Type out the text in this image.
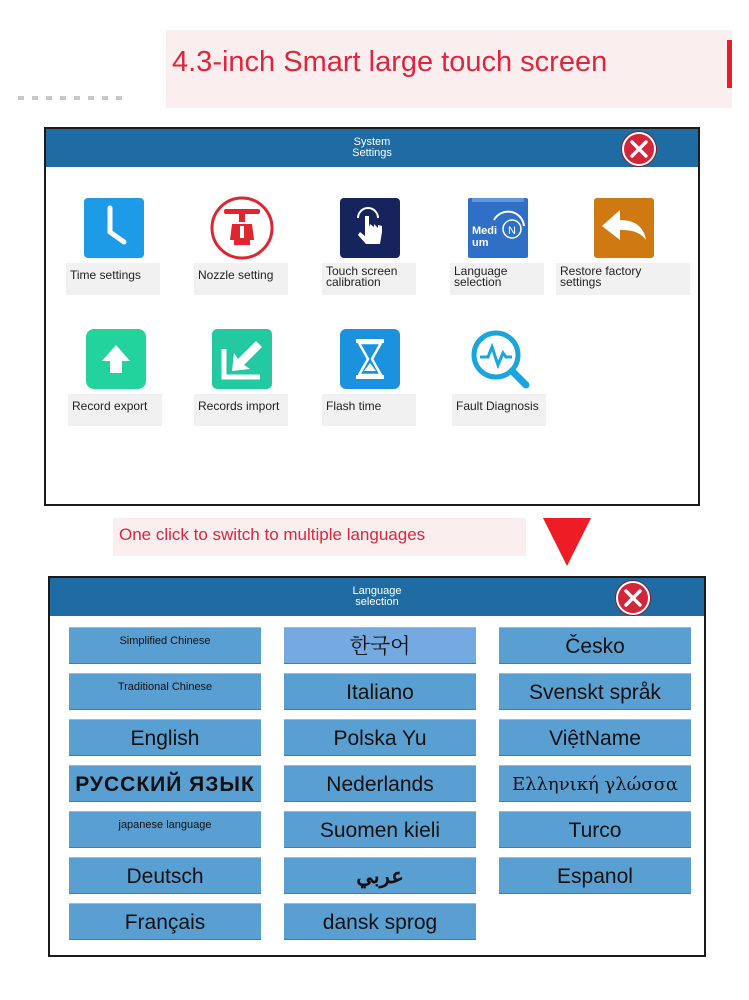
4.3-inch Smart large touch screen
System
Settings
Time settings	Nozzle setting	Touch screen calibration
N
Medi
um
Language selection
Restore factory settings
Record export	Records import	Flash time	Fault Diagnosis
One click to switch to multiple languages
Language
selection
Simplified Chinese	한국어	Česko
Traditional Chinese	Italiano	Svenskt språk
English	Polska Yu	ViệtName
РУССКИЙ ЯЗЫК	Nederlands	Ελληνική γλώσσα
japanese language	Suomen kieli	Turco
Deutsch	عربي	Espanol
Français	dansk sprog
